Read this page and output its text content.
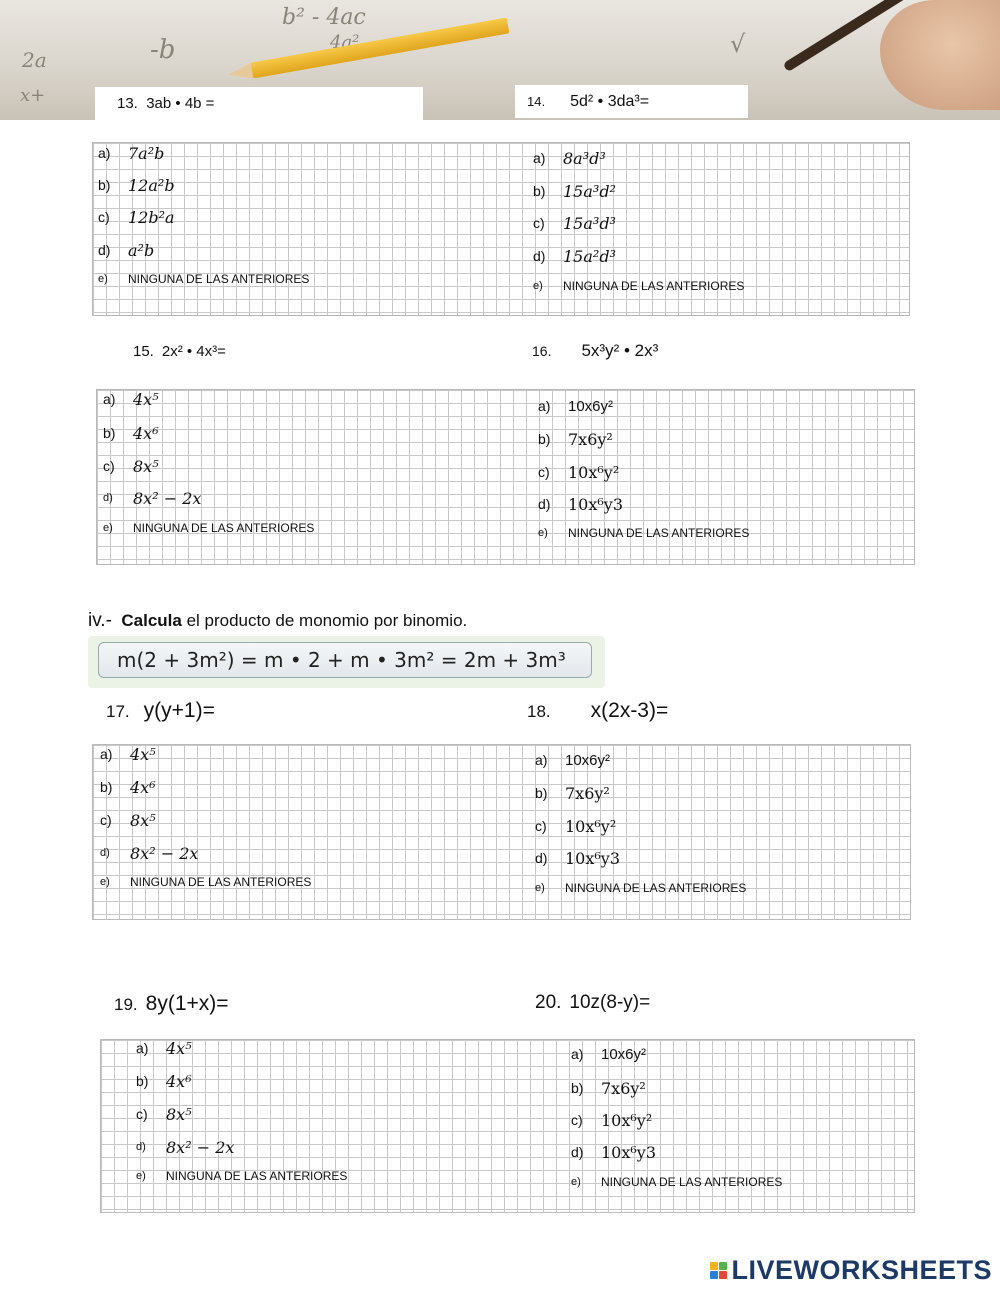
2a	-b
b² - 4ac
4a²
x+
√
13.
3ab • 4b =	14.
5d² • 3da³=
a)	7a²b
b)	12a²b
c)	12b²a
d)	a²b
e)	NINGUNA DE LAS ANTERIORES
a)	8a³d³
b)	15a³d²
c)	15a³d³
d)	15a²d³
e)	NINGUNA DE LAS ANTERIORES
15. 2x² • 4x³=	16. 5x³y² • 2x³
a)	4x⁵
b)	4x⁶
c)	8x⁵
d)	8x² − 2x
e)	NINGUNA DE LAS ANTERIORES
a)	10x6y²
b)	7x6y²
c)	10x⁶y²
d)	10x⁶y3
e)	NINGUNA DE LAS ANTERIORES
iv.- Calcula el producto de monomio por binomio.
m(2 + 3m²) = m • 2 + m • 3m² = 2m + 3m³
17. y(y+1)=	18. x(2x-3)=
a)	4x⁵
b)	4x⁶
c)	8x⁵
d)	8x² − 2x
e)	NINGUNA DE LAS ANTERIORES
a)	10x6y²
b)	7x6y²
c)	10x⁶y²
d)	10x⁶y3
e)	NINGUNA DE LAS ANTERIORES
19. 8y(1+x)=	20. 10z(8-y)=
a)	4x⁵
b)	4x⁶
c)	8x⁵
d)	8x² − 2x
e)	NINGUNA DE LAS ANTERIORES
a)	10x6y²
b)	7x6y²
c)	10x⁶y²
d)	10x⁶y3
e)	NINGUNA DE LAS ANTERIORES
LIVEWORKSHEETS
